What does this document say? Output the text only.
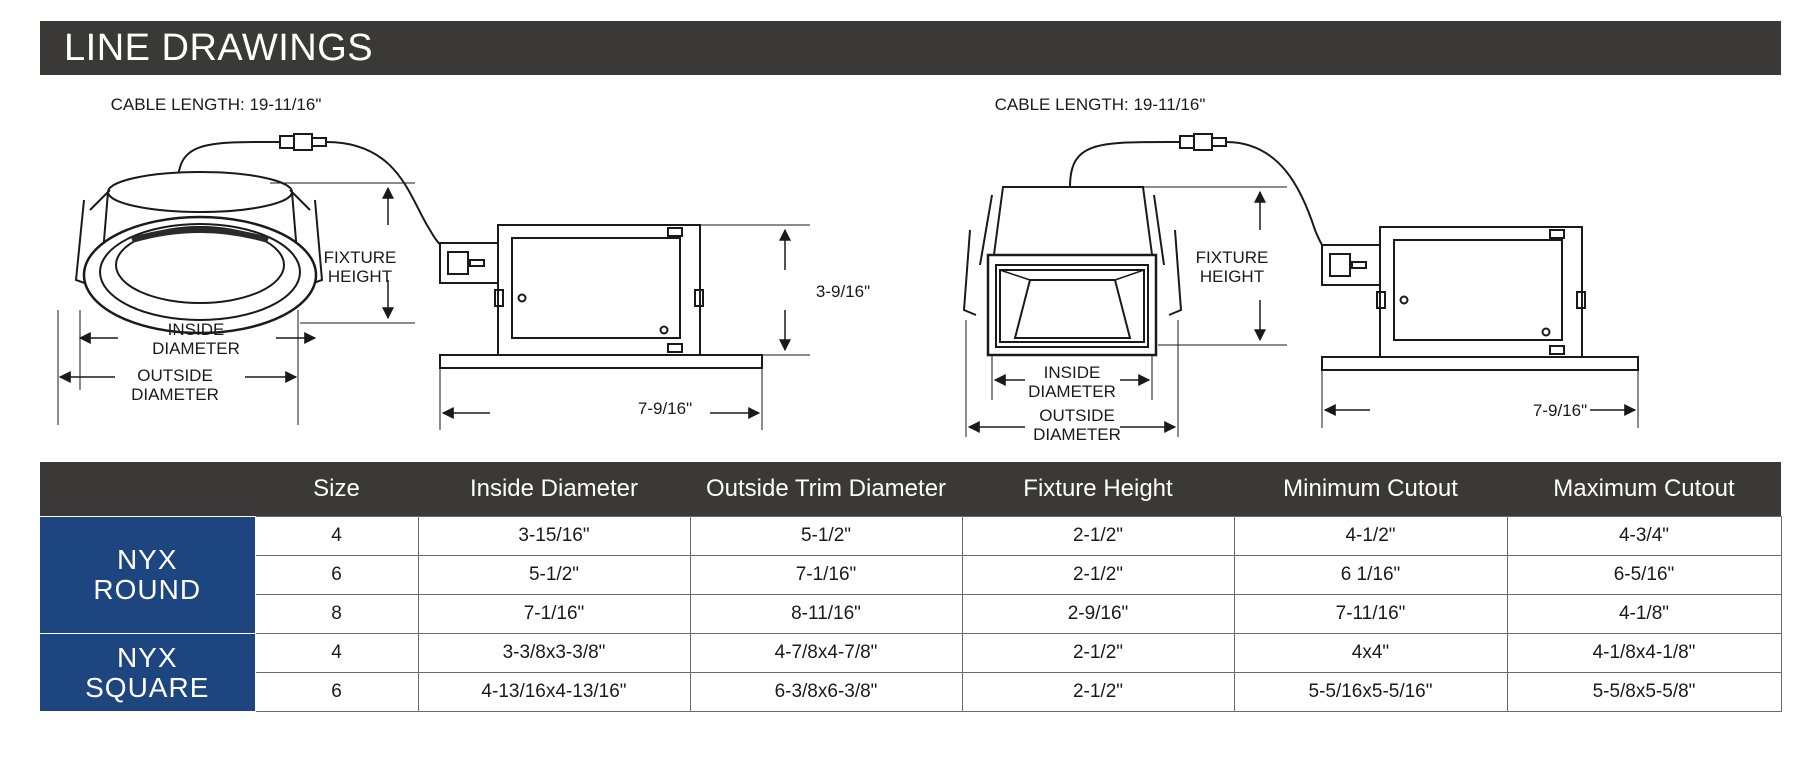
LINE DRAWINGS
CABLE LENGTH: 19-11/16"
FIXTURE
HEIGHT
INSIDE
DIAMETER
OUTSIDE
DIAMETER
3-9/16"
7-9/16"
CABLE LENGTH: 19-11/16"
FIXTURE
HEIGHT
INSIDE
DIAMETER
OUTSIDE
DIAMETER
7-9/16"
	Size	Inside Diameter	Outside Trim Diameter	Fixture Height	Minimum Cutout	Maximum Cutout
NYX
ROUND	4	3-15/16"	5-1/2"	2-1/2"	4-1/2"	4-3/4"
	6	5-1/2"	7-1/16"	2-1/2"	6 1/16"	6-5/16"
	8	7-1/16"	8-11/16"	2-9/16"	7-11/16"	4-1/8"
NYX
SQUARE	4	3-3/8x3-3/8"	4-7/8x4-7/8"	2-1/2"	4x4"	4-1/8x4-1/8"
	6	4-13/16x4-13/16"	6-3/8x6-3/8"	2-1/2"	5-5/16x5-5/16"	5-5/8x5-5/8"
